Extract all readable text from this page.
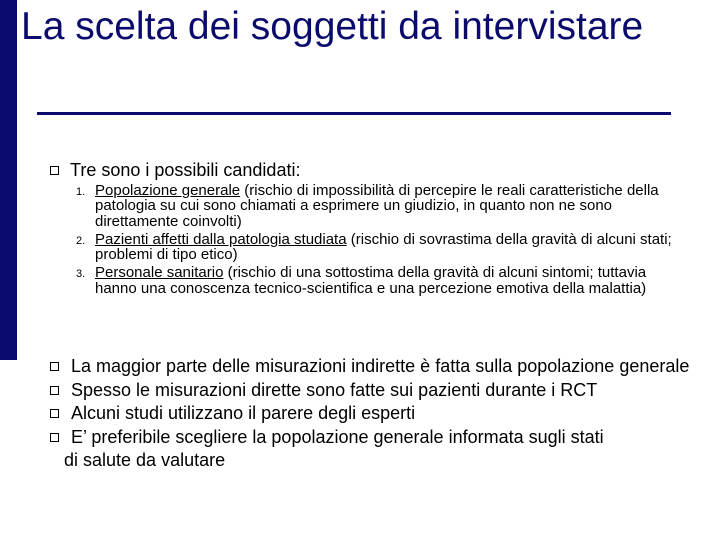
La scelta dei soggetti da intervistare
Tre sono i possibili candidati:
1. Popolazione generale (rischio di impossibilità di percepire le reali caratteristiche della patologia su cui sono chiamati a esprimere un giudizio, in quanto non ne sono direttamente coinvolti)
2. Pazienti affetti dalla patologia studiata (rischio di sovrastima della gravità di alcuni stati; problemi di tipo etico)
3. Personale sanitario (rischio di una sottostima della gravità di alcuni sintomi; tuttavia hanno una conoscenza tecnico-scientifica e una percezione emotiva della malattia)
La maggior parte delle misurazioni indirette è fatta sulla popolazione generale
Spesso le misurazioni dirette sono fatte sui pazienti durante i RCT
Alcuni studi utilizzano il parere degli esperti
E’ preferibile scegliere la popolazione generale informata sugli stati
di salute da valutare
